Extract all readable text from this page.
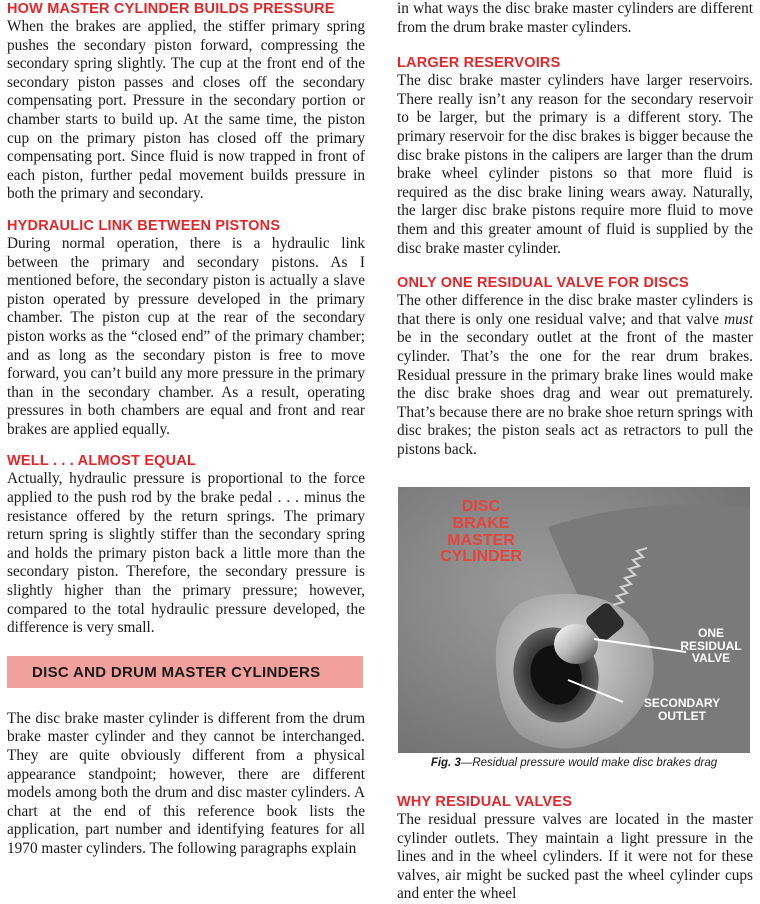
HOW MASTER CYLINDER BUILDS PRESSURE

When the brakes are applied, the stiffer primary spring pushes the secondary piston forward, compressing the secondary spring slightly. The cup at the front end of the secondary piston passes and closes off the secondary compensating port. Pressure in the secondary portion or chamber starts to build up. At the same time, the piston cup on the primary piston has closed off the primary compensating port. Since fluid is now trapped in front of each piston, further pedal movement builds pressure in both the primary and secondary.

HYDRAULIC LINK BETWEEN PISTONS

During normal operation, there is a hydraulic link between the primary and secondary pistons. As I mentioned before, the secondary piston is actually a slave piston operated by pressure developed in the primary chamber. The piston cup at the rear of the secondary piston works as the “closed end” of the primary chamber; and as long as the secondary piston is free to move forward, you can’t build any more pressure in the primary than in the secondary chamber. As a result, operating pressures in both chambers are equal and front and rear brakes are applied equally.

WELL . . . ALMOST EQUAL

Actually, hydraulic pressure is proportional to the force applied to the push rod by the brake pedal . . . minus the resistance offered by the return springs. The primary return spring is slightly stiffer than the secondary spring and holds the primary piston back a little more than the secondary piston. Therefore, the secondary pressure is slightly higher than the primary pressure; however, compared to the total hydraulic pressure developed, the difference is very small.

DISC AND DRUM MASTER CYLINDERS

The disc brake master cylinder is different from the drum brake master cylinder and they cannot be interchanged. They are quite obviously different from a physical appearance standpoint; however, there are different models among both the drum and disc master cylinders. A chart at the end of this reference book lists the application, part number and identifying features for all 1970 master cylinders. The following paragraphs explain

in what ways the disc brake master cylinders are different from the drum brake master cylinders.

LARGER RESERVOIRS

The disc brake master cylinders have larger reservoirs. There really isn’t any reason for the secondary reservoir to be larger, but the primary is a different story. The primary reservoir for the disc brakes is bigger because the disc brake pistons in the calipers are larger than the drum brake wheel cylinder pistons so that more fluid is required as the disc brake lining wears away. Naturally, the larger disc brake pistons require more fluid to move them and this greater amount of fluid is supplied by the disc brake master cylinder.

ONLY ONE RESIDUAL VALVE FOR DISCS

The other difference in the disc brake master cylinders is that there is only one residual valve; and that valve must be in the secondary outlet at the front of the master cylinder. That’s the one for the rear drum brakes. Residual pressure in the primary brake lines would make the disc brake shoes drag and wear out prematurely. That’s because there are no brake shoe return springs with disc brakes; the piston seals act as retractors to pull the pistons back.

DISC BRAKE
MASTER
CYLINDER
ONE
RESIDUAL
VALVE
SECONDARY OUTLET
Fig. 3—Residual pressure would make disc brakes drag
WHY RESIDUAL VALVES

The residual pressure valves are located in the master cylinder outlets. They maintain a light pressure in the lines and in the wheel cylinders. If it were not for these valves, air might be sucked past the wheel cylinder cups and enter the wheel
